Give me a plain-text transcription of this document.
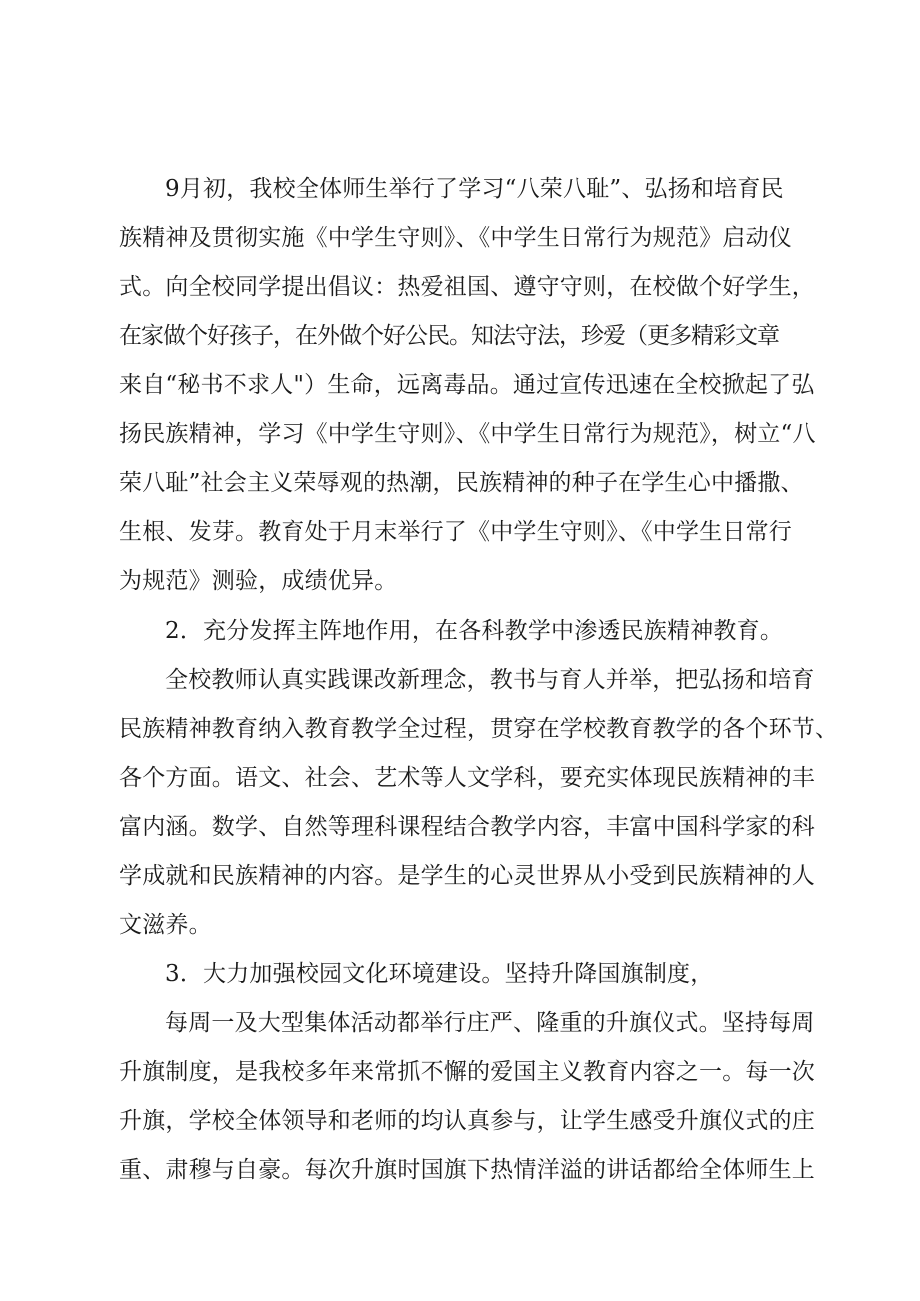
9月初，我校全体师生举行了学习“八荣八耻”、弘扬和培育民

族精神及贯彻实施《中学生守则》、《中学生日常行为规范》启动仪

式。向全校同学提出倡议：热爱祖国、遵守守则，在校做个好学生，

在家做个好孩子，在外做个好公民。知法守法，珍爱（更多精彩文章

来自“秘书不求人"）生命，远离毒品。通过宣传迅速在全校掀起了弘

扬民族精神，学习《中学生守则》、《中学生日常行为规范》，树立“八

荣八耻”社会主义荣辱观的热潮，民族精神的种子在学生心中播撒、

生根、发芽。教育处于月末举行了《中学生守则》、《中学生日常行

为规范》测验，成绩优异。

2．充分发挥主阵地作用，在各科教学中渗透民族精神教育。

全校教师认真实践课改新理念，教书与育人并举，把弘扬和培育

民族精神教育纳入教育教学全过程，贯穿在学校教育教学的各个环节、

各个方面。语文、社会、艺术等人文学科，要充实体现民族精神的丰

富内涵。数学、自然等理科课程结合教学内容，丰富中国科学家的科

学成就和民族精神的内容。是学生的心灵世界从小受到民族精神的人

文滋养。

3．大力加强校园文化环境建设。坚持升降国旗制度，

每周一及大型集体活动都举行庄严、隆重的升旗仪式。坚持每周

升旗制度，是我校多年来常抓不懈的爱国主义教育内容之一。每一次

升旗，学校全体领导和老师的均认真参与，让学生感受升旗仪式的庄

重、肃穆与自豪。每次升旗时国旗下热情洋溢的讲话都给全体师生上
